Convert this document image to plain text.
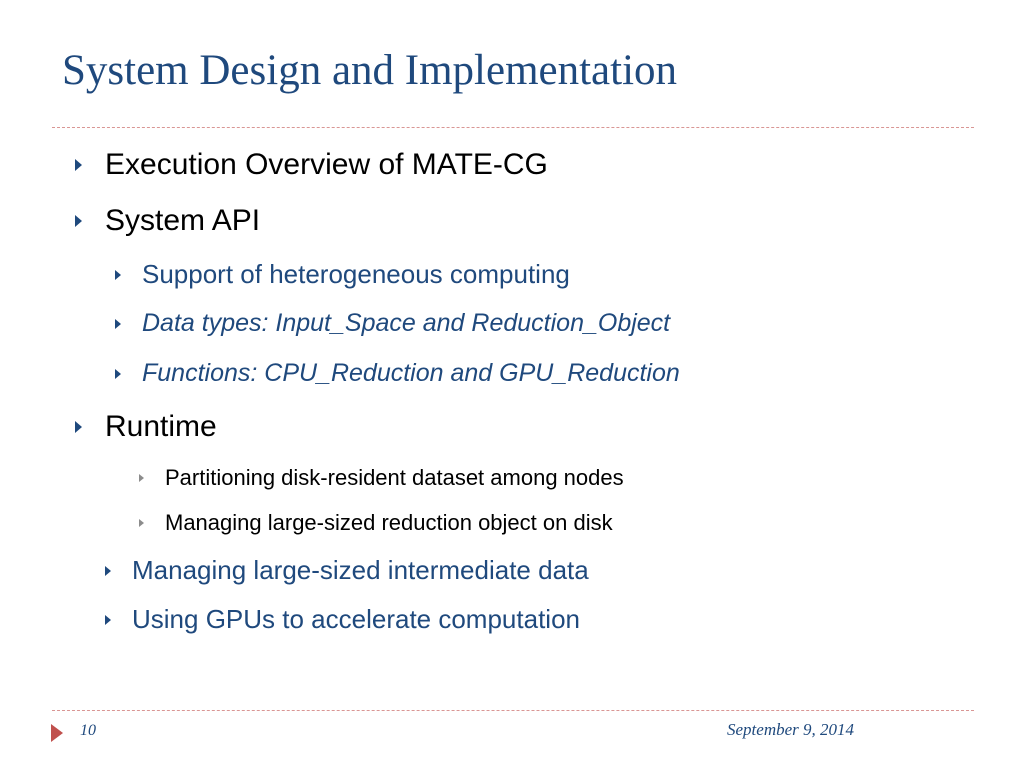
System Design and Implementation
Execution Overview of MATE-CG
System API
Support of heterogeneous computing
Data types: Input_Space and Reduction_Object
Functions: CPU_Reduction and GPU_Reduction
Runtime
Partitioning disk-resident dataset among nodes
Managing large-sized reduction object on disk
Managing large-sized intermediate data
Using GPUs to accelerate computation
10	September 9, 2014
